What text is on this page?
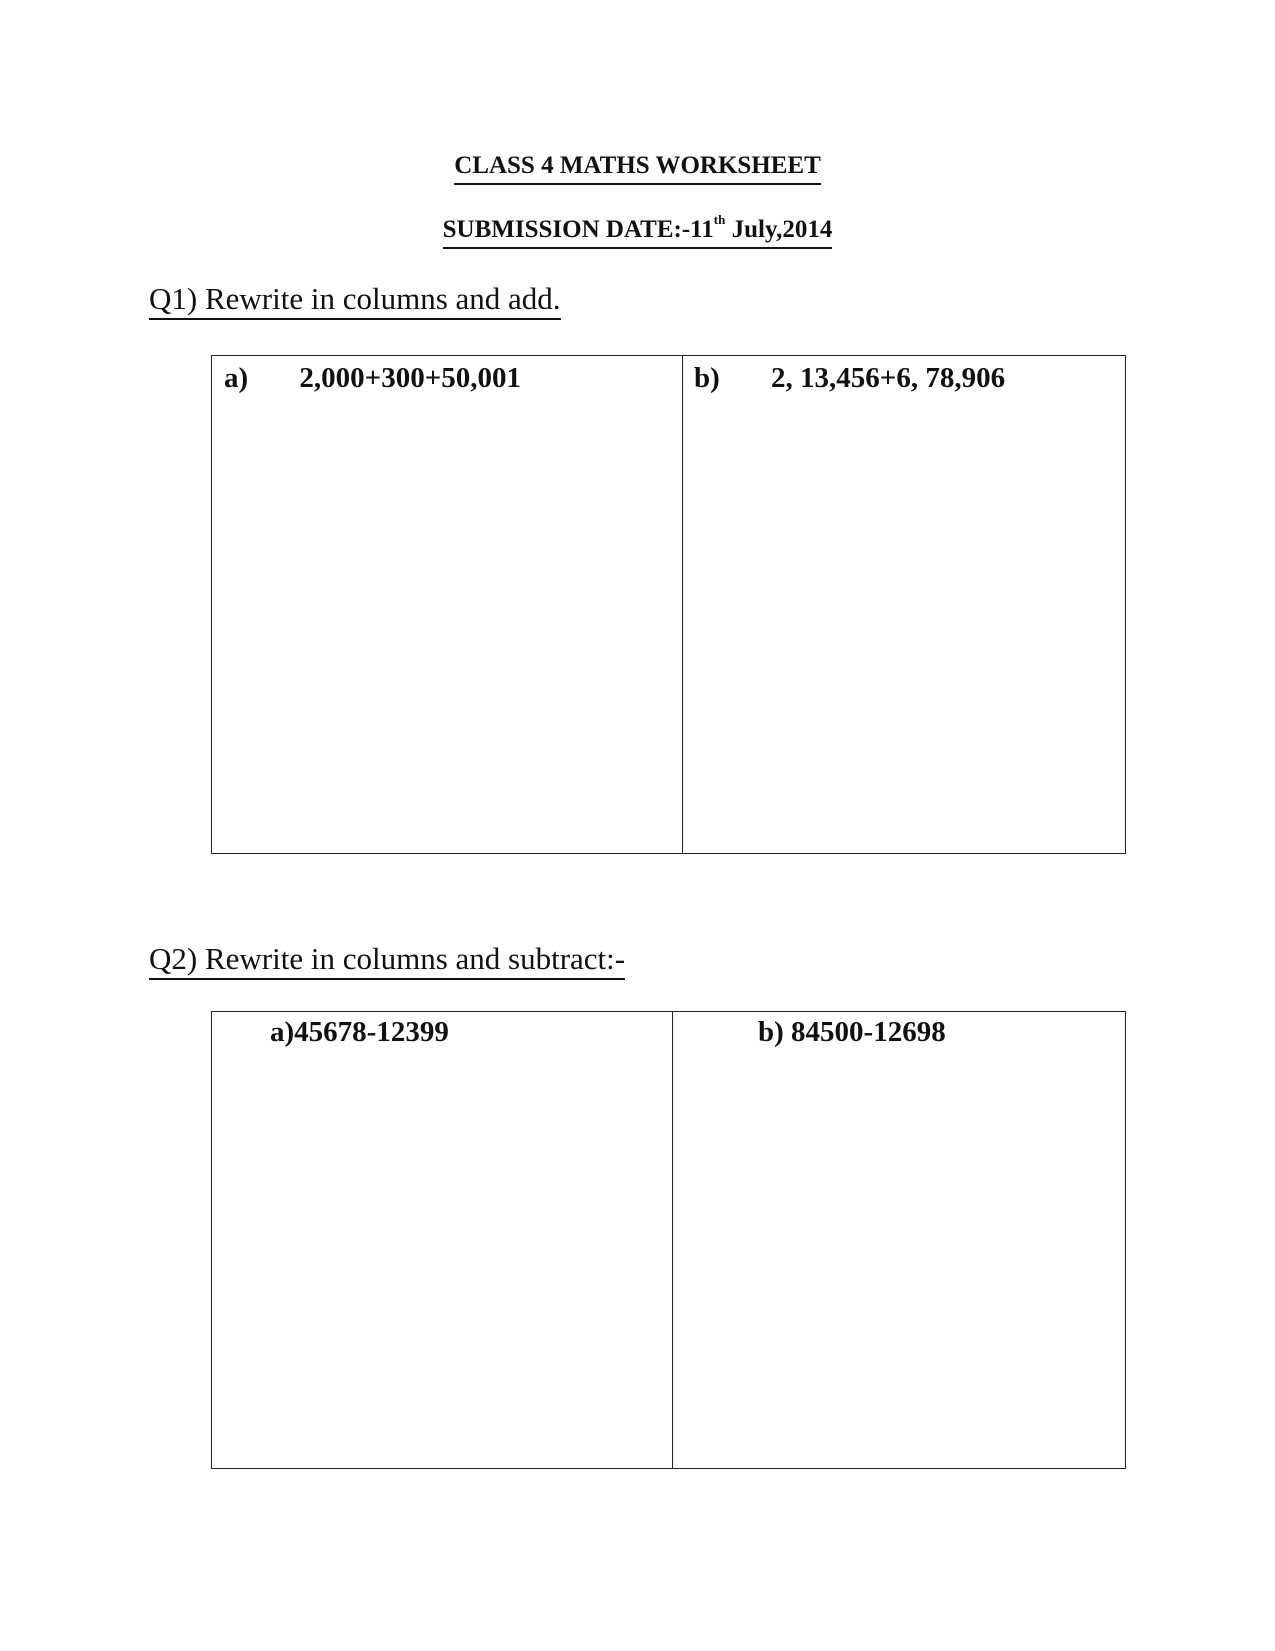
CLASS 4 MATHS WORKSHEET
SUBMISSION DATE:-11th July,2014
Q1) Rewrite in columns and add.
a) 2,000+300+50,001	b) 2, 13,456+6, 78,906
Q2) Rewrite in columns and subtract:-
a)45678-12399	b) 84500-12698
